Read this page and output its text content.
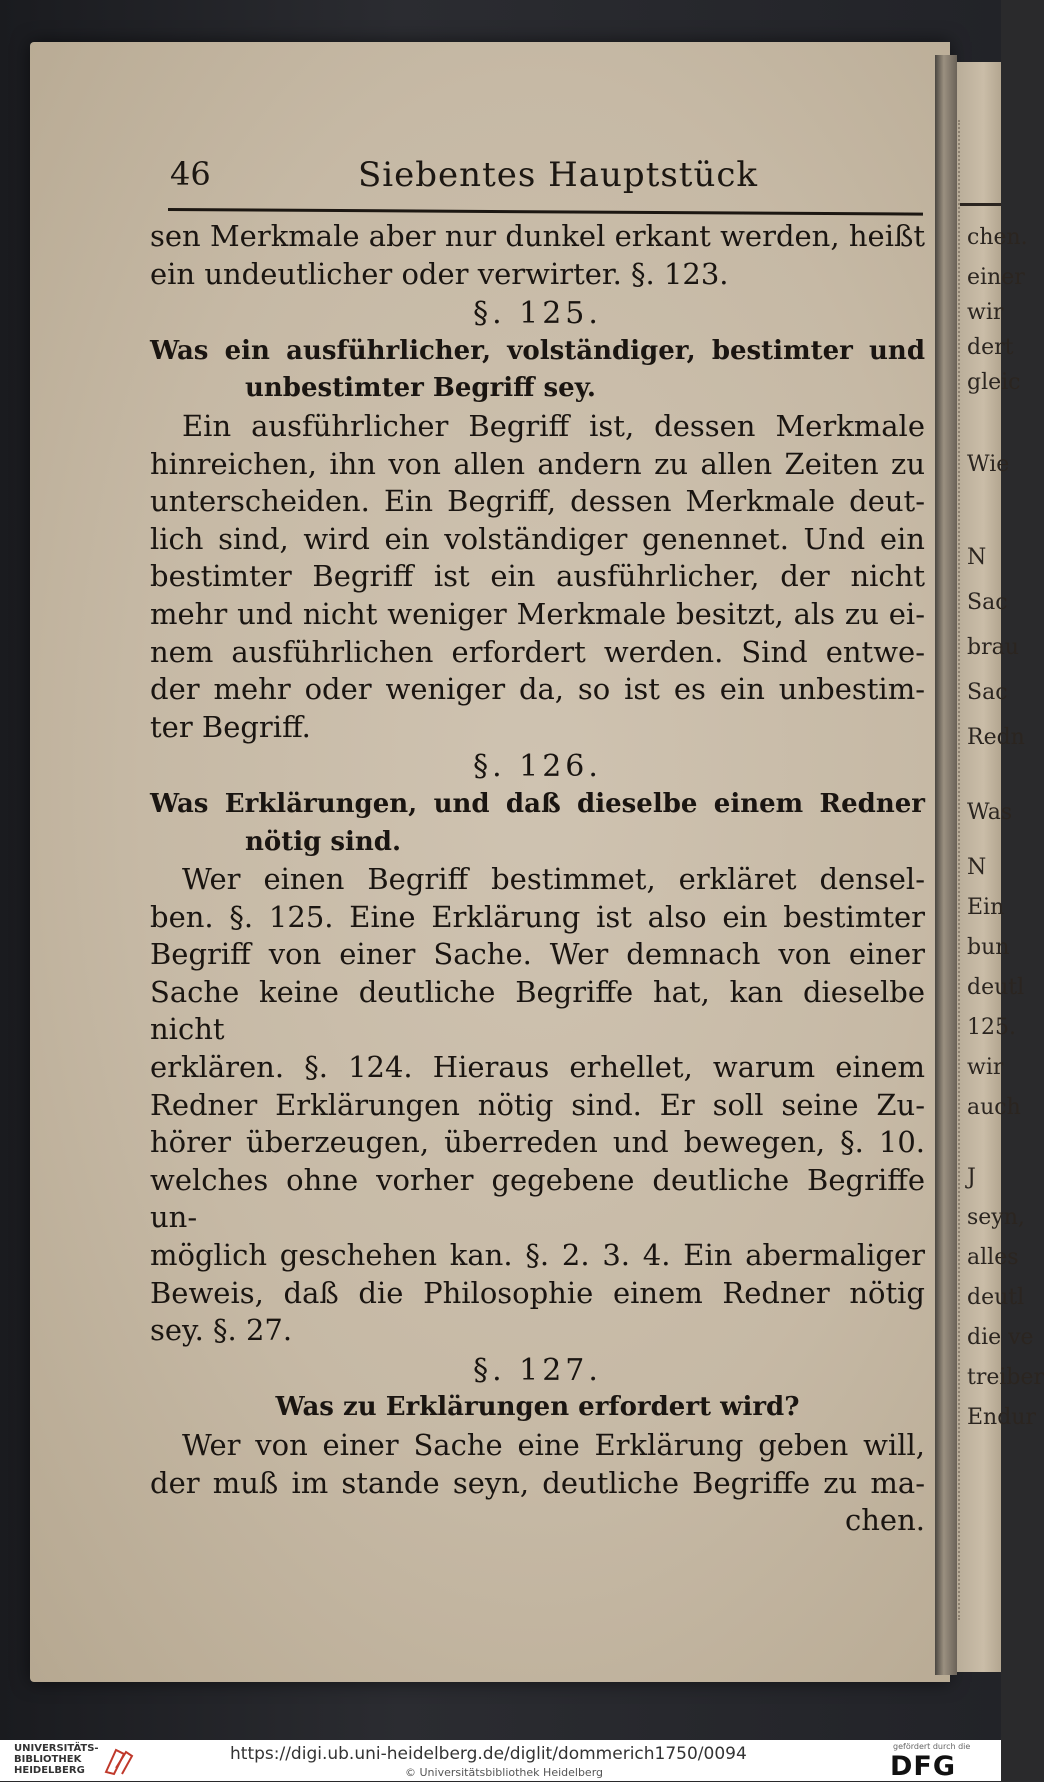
chen.
einer
wir
dert
gleic
Wie
N
Sac
brau
Sac
Redn
Was
N
Ein
bun
deutl
125.
wir
auch
J
seyn,
alles
deutl
die ve
treiber
Endur
46	Siebentes Hauptstück
sen Merkmale aber nur dunkel erkant werden, heißt
ein undeutlicher oder verwirter. §. 123.
§. 125.
Was ein ausführlicher, volständiger, bestimter und
unbestimter Begriff sey.
Ein ausführlicher Begriff ist, dessen Merkmale
hinreichen, ihn von allen andern zu allen Zeiten zu
unterscheiden. Ein Begriff, dessen Merkmale deut-
lich sind, wird ein volständiger genennet. Und ein
bestimter Begriff ist ein ausführlicher, der nicht
mehr und nicht weniger Merkmale besitzt, als zu ei-
nem ausführlichen erfordert werden. Sind entwe-
der mehr oder weniger da, so ist es ein unbestim-
ter Begriff.
§. 126.
Was Erklärungen, und daß dieselbe einem Redner
nötig sind.
Wer einen Begriff bestimmet, erkläret densel-
ben. §. 125. Eine Erklärung ist also ein bestimter
Begriff von einer Sache. Wer demnach von einer
Sache keine deutliche Begriffe hat, kan dieselbe nicht
erklären. §. 124. Hieraus erhellet, warum einem
Redner Erklärungen nötig sind. Er soll seine Zu-
hörer überzeugen, überreden und bewegen, §. 10.
welches ohne vorher gegebene deutliche Begriffe un-
möglich geschehen kan. §. 2. 3. 4. Ein abermaliger
Beweis, daß die Philosophie einem Redner nötig
sey. §. 27.
§. 127.
Was zu Erklärungen erfordert wird?
Wer von einer Sache eine Erklärung geben will,
der muß im stande seyn, deutliche Begriffe zu ma-
chen.
UNIVERSITÄTS-
BIBLIOTHEK
HEIDELBERG
https://digi.ub.uni-heidelberg.de/diglit/dommerich1750/0094
© Universitätsbibliothek Heidelberg
gefördert durch die
DFG
